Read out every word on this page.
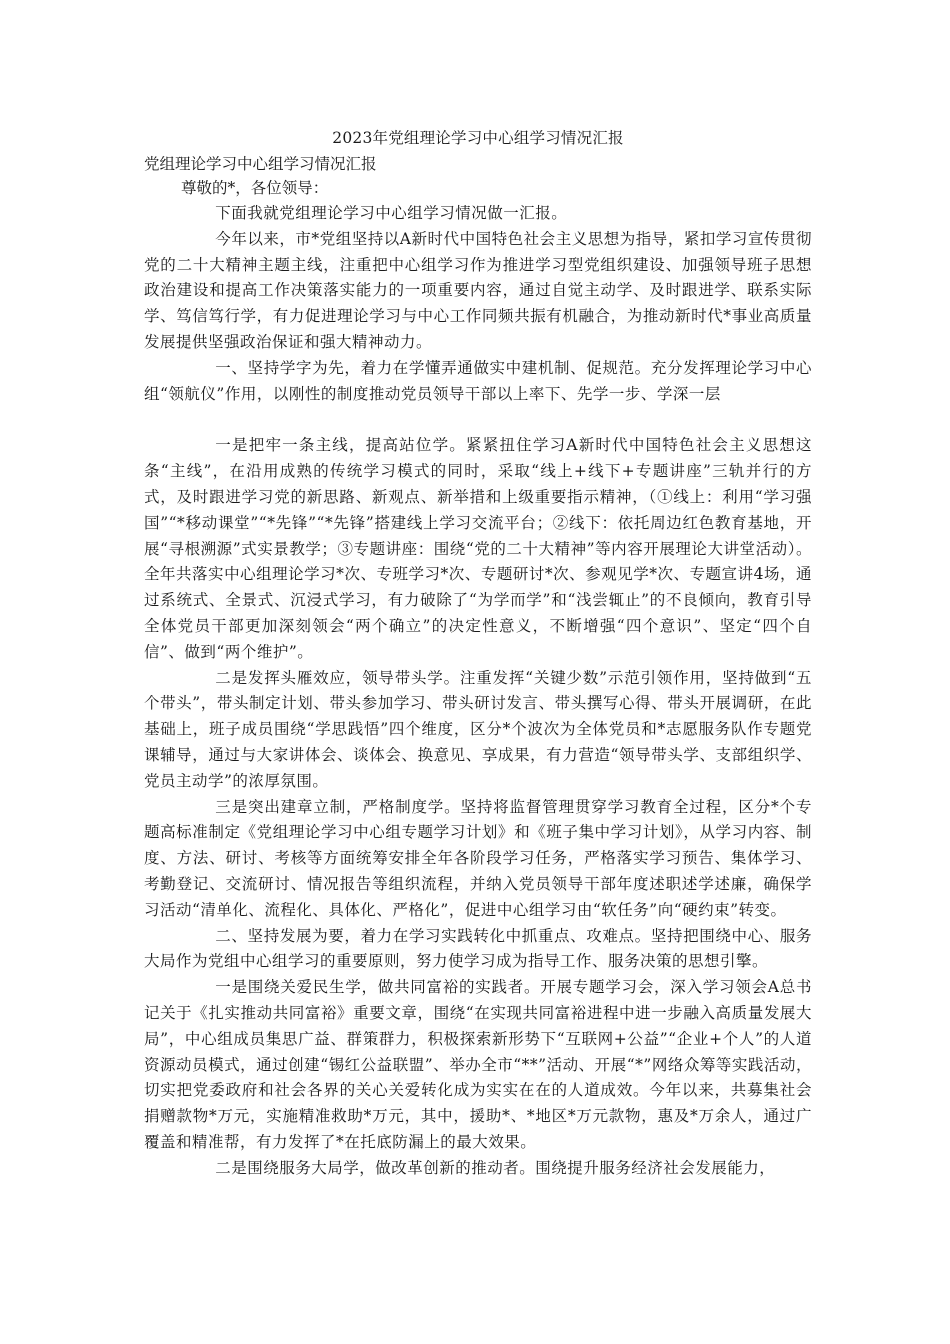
2023年党组理论学习中心组学习情况汇报
党组理论学习中心组学习情况汇报
尊敬的*，各位领导：

下面我就党组理论学习中心组学习情况做一汇报。

今年以来，市*党组坚持以A新时代中国特色社会主义思想为指导，紧扣学习宣传贯彻党的二十大精神主题主线，注重把中心组学习作为推进学习型党组织建设、加强领导班子思想政治建设和提高工作决策落实能力的一项重要内容，通过自觉主动学、及时跟进学、联系实际学、笃信笃行学，有力促进理论学习与中心工作同频共振有机融合，为推动新时代*事业高质量发展提供坚强政治保证和强大精神动力。

一、坚持学字为先，着力在学懂弄通做实中建机制、促规范。充分发挥理论学习中心组“领航仪”作用，以刚性的制度推动党员领导干部以上率下、先学一步、学深一层

一是把牢一条主线，提高站位学。紧紧扭住学习A新时代中国特色社会主义思想这条“主线”，在沿用成熟的传统学习模式的同时，采取“线上+线下+专题讲座”三轨并行的方式，及时跟进学习党的新思路、新观点、新举措和上级重要指示精神，（①线上：利用“学习强国”“*移动课堂”“*先锋”“*先锋”搭建线上学习交流平台；②线下：依托周边红色教育基地，开展“寻根溯源”式实景教学；③专题讲座：围绕“党的二十大精神”等内容开展理论大讲堂活动）。全年共落实中心组理论学习*次、专班学习*次、专题研讨*次、参观见学*次、专题宣讲4场，通过系统式、全景式、沉浸式学习，有力破除了“为学而学”和“浅尝辄止”的不良倾向，教育引导全体党员干部更加深刻领会“两个确立”的决定性意义，不断增强“四个意识”、坚定“四个自信”、做到“两个维护”。

二是发挥头雁效应，领导带头学。注重发挥“关键少数”示范引领作用，坚持做到“五个带头”，带头制定计划、带头参加学习、带头研讨发言、带头撰写心得、带头开展调研，在此基础上，班子成员围绕“学思践悟”四个维度，区分*个波次为全体党员和*志愿服务队作专题党课辅导，通过与大家讲体会、谈体会、换意见、享成果，有力营造“领导带头学、支部组织学、党员主动学”的浓厚氛围。

三是突出建章立制，严格制度学。坚持将监督管理贯穿学习教育全过程，区分*个专题高标准制定《党组理论学习中心组专题学习计划》和《班子集中学习计划》，从学习内容、制度、方法、研讨、考核等方面统筹安排全年各阶段学习任务，严格落实学习预告、集体学习、考勤登记、交流研讨、情况报告等组织流程，并纳入党员领导干部年度述职述学述廉，确保学习活动“清单化、流程化、具体化、严格化”，促进中心组学习由“软任务”向“硬约束”转变。

二、坚持发展为要，着力在学习实践转化中抓重点、攻难点。坚持把围绕中心、服务大局作为党组中心组学习的重要原则，努力使学习成为指导工作、服务决策的思想引擎。

一是围绕关爱民生学，做共同富裕的实践者。开展专题学习会，深入学习领会A总书记关于《扎实推动共同富裕》重要文章，围绕“在实现共同富裕进程中进一步融入高质量发展大局”，中心组成员集思广益、群策群力，积极探索新形势下“互联网+公益”“企业+个人”的人道资源动员模式，通过创建“锡红公益联盟”、举办全市“**”活动、开展“*”网络众筹等实践活动，切实把党委政府和社会各界的关心关爱转化成为实实在在的人道成效。今年以来，共募集社会捐赠款物*万元，实施精准救助*万元，其中，援助*、*地区*万元款物，惠及*万余人，通过广覆盖和精准帮，有力发挥了*在托底防漏上的最大效果。

二是围绕服务大局学，做改革创新的推动者。围绕提升服务经济社会发展能力，
